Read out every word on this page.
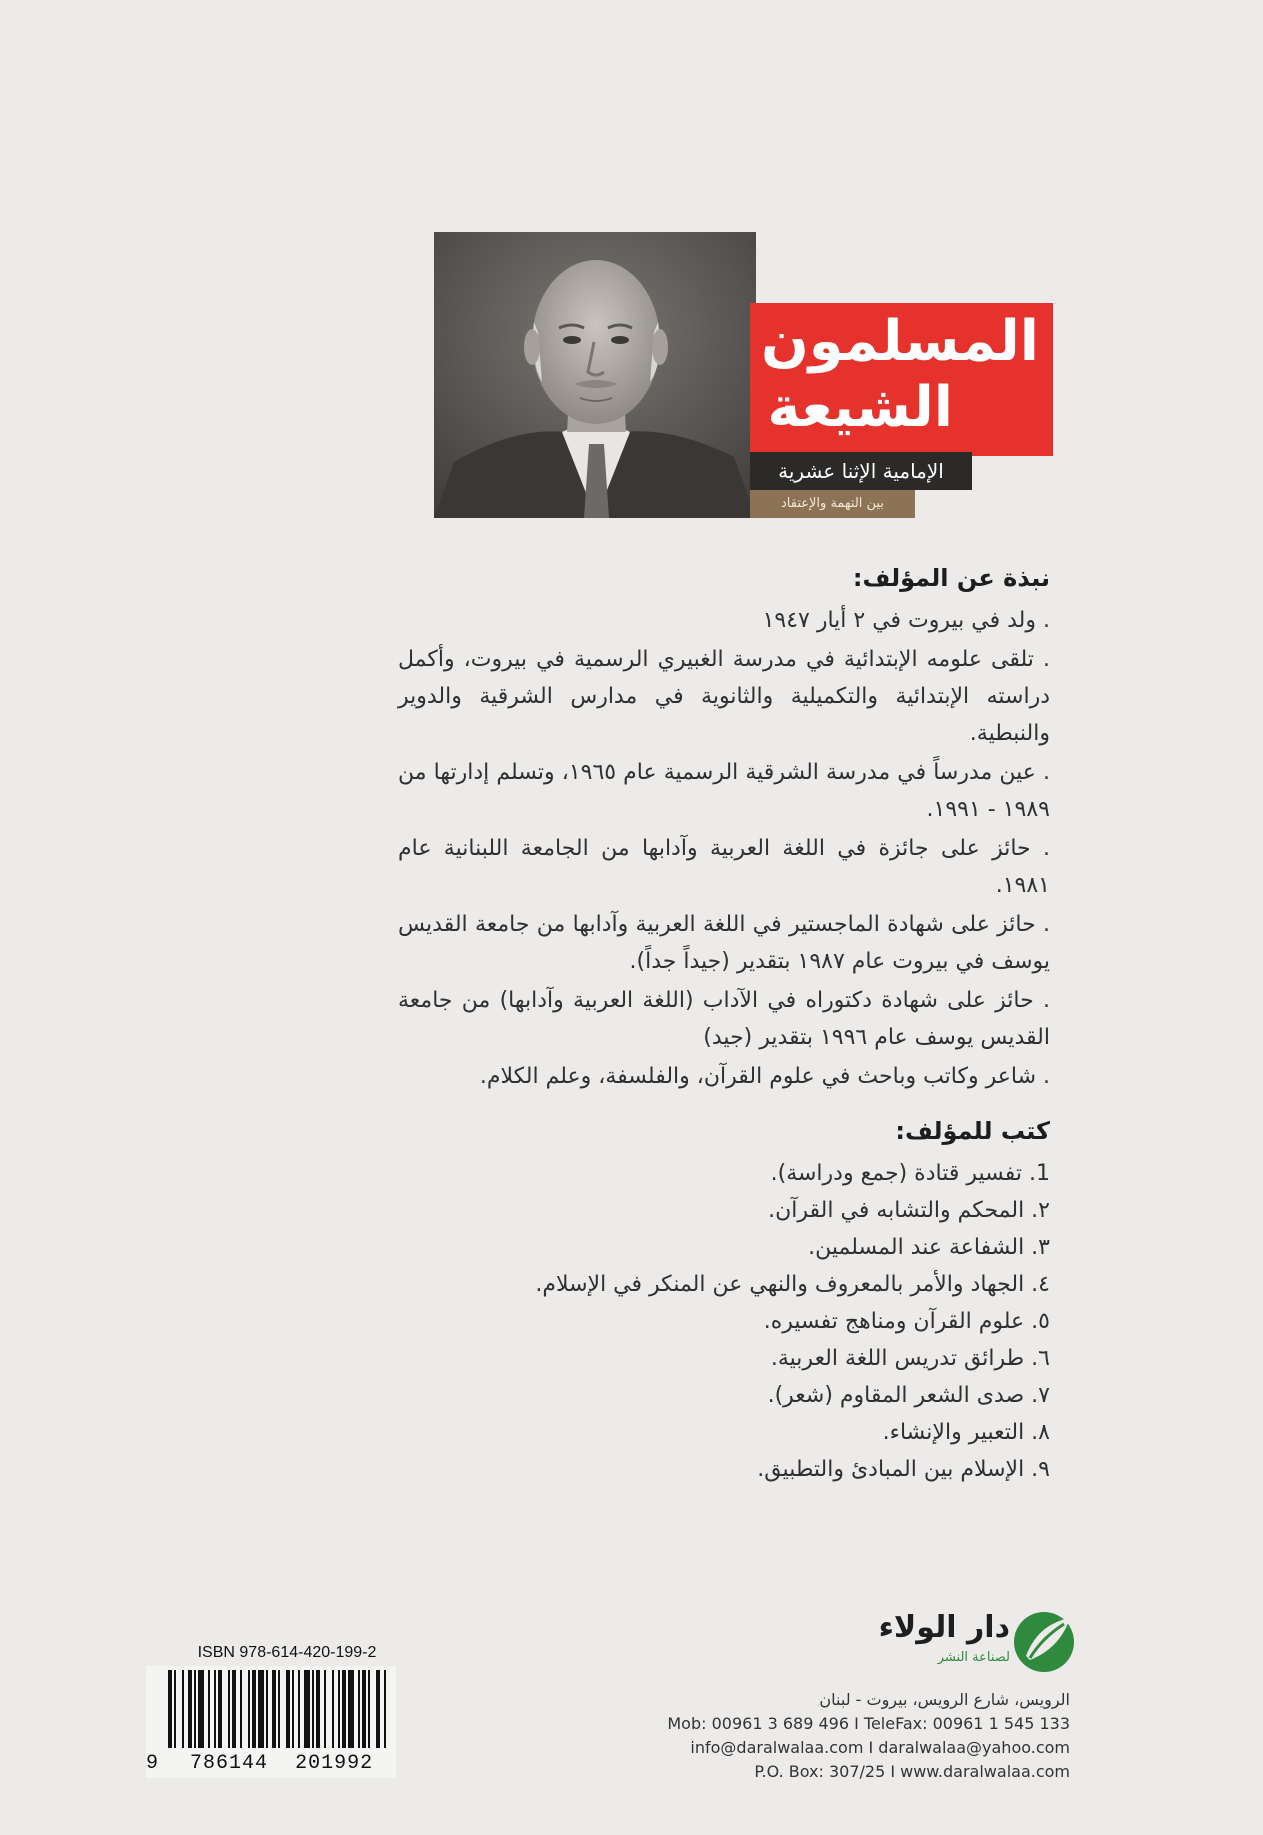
المسلمون
الشيعة
الإمامية الإثنا عشرية
بين التهمة والإعتقاد
نبذة عن المؤلف:
. ولد في بيروت في ٢ أيار ١٩٤٧
. تلقى علومه الإبتدائية في مدرسة الغبيري الرسمية في بيروت، وأكمل دراسته الإبتدائية والتكميلية والثانوية في مدارس الشرقية والدوير والنبطية.
. عين مدرساً في مدرسة الشرقية الرسمية عام ١٩٦٥، وتسلم إدارتها من ١٩٨٩ - ١٩٩١.
. حائز على جائزة في اللغة العربية وآدابها من الجامعة اللبنانية عام ١٩٨١.
. حائز على شهادة الماجستير في اللغة العربية وآدابها من جامعة القديس يوسف في بيروت عام ١٩٨٧ بتقدير (جيداً جداً).
. حائز على شهادة دكتوراه في الآداب (اللغة العربية وآدابها) من جامعة القديس يوسف عام ١٩٩٦ بتقدير (جيد)
. شاعر وكاتب وباحث في علوم القرآن، والفلسفة، وعلم الكلام.
كتب للمؤلف:
1. تفسير قتادة (جمع ودراسة).
٢. المحكم والتشابه في القرآن.
٣. الشفاعة عند المسلمين.
٤. الجهاد والأمر بالمعروف والنهي عن المنكر في الإسلام.
٥. علوم القرآن ومناهج تفسيره.
٦. طرائق تدريس اللغة العربية.
٧. صدى الشعر المقاوم (شعر).
٨. التعبير والإنشاء.
٩. الإسلام بين المبادئ والتطبيق.
دار الولاء
لصناعة النشر
الرويس، شارع الرويس، بيروت - لبنان
Mob: 00961 3 689 496 I TeleFax: 00961 1 545 133
info@daralwalaa.com I daralwalaa@yahoo.com
P.O. Box: 307/25 I www.daralwalaa.com
ISBN 978-614-420-199-2
9 786144 201992
